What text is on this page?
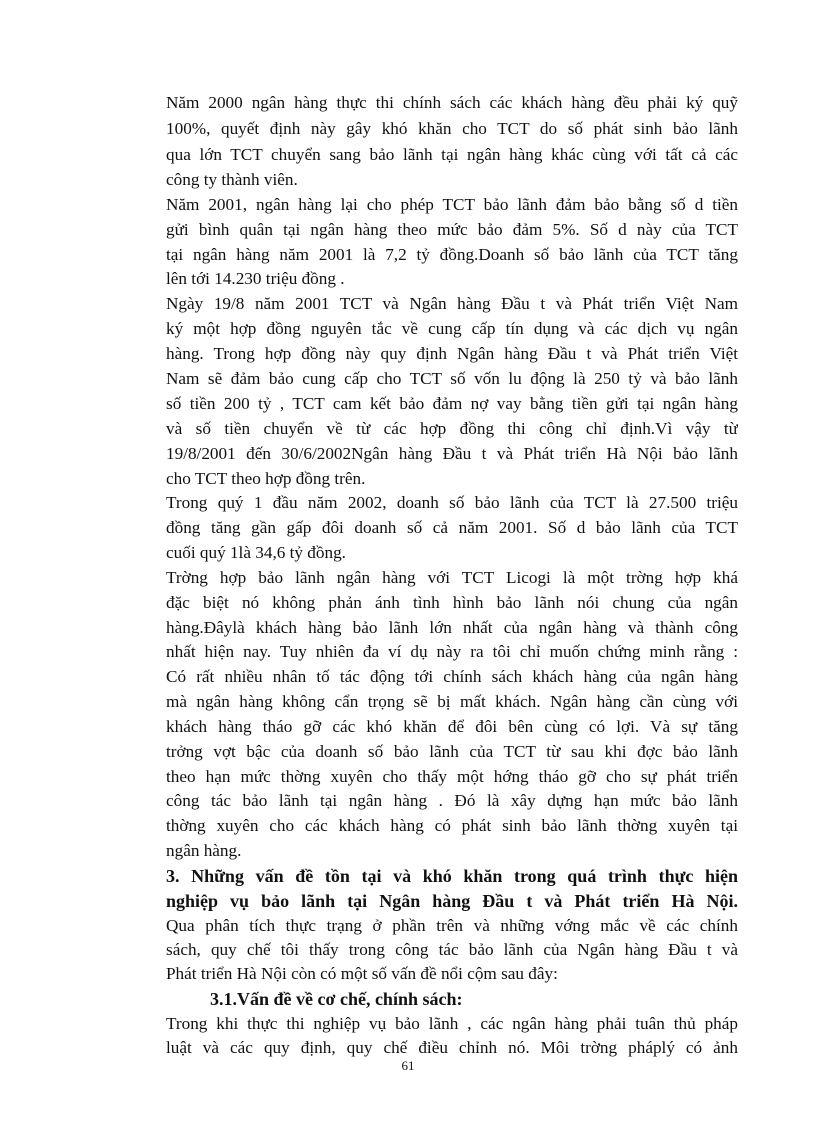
Năm 2000 ngân hàng thực thi chính sách các khách hàng đều phải ký quỹ
100%, quyết định này gây khó khăn cho TCT do số phát sinh bảo lãnh
qua lớn TCT chuyển sang bảo lãnh tại ngân hàng khác cùng với tất cả các
công ty thành viên.
Năm 2001, ngân hàng lại cho phép TCT bảo lãnh đảm bảo bằng số d tiền
gửi bình quân tại ngân hàng theo mức bảo đảm 5%. Số d này của TCT
tại ngân hàng năm 2001 là 7,2 tỷ đồng.Doanh số bảo lãnh của TCT tăng
lên tới 14.230 triệu đồng .
Ngày 19/8 năm 2001 TCT và Ngân hàng Đầu t và Phát triển Việt Nam
ký một hợp đồng nguyên tắc về cung cấp tín dụng và các dịch vụ ngân
hàng. Trong hợp đồng này quy định Ngân hàng Đầu t và Phát triển Việt
Nam sẽ đảm bảo cung cấp cho TCT số vốn lu động là 250 tỷ và bảo lãnh
số tiền 200 tỷ , TCT cam kết bảo đảm nợ vay bằng tiền gửi tại ngân hàng
và số tiền chuyển về từ các hợp đồng thi công chỉ định.Vì vậy từ
19/8/2001 đến 30/6/2002Ngân hàng Đầu t và Phát triển Hà Nội bảo lãnh
cho TCT theo hợp đồng trên.
Trong quý 1 đầu năm 2002, doanh số bảo lãnh của TCT là 27.500 triệu
đồng tăng gần gấp đôi doanh số cả năm 2001. Số d bảo lãnh của TCT
cuối quý 1là 34,6 tỷ đồng.
Trờng hợp bảo lãnh ngân hàng với TCT Licogi là một trờng hợp khá
đặc biệt nó không phản ánh tình hình bảo lãnh nói chung của ngân
hàng.Đâylà khách hàng bảo lãnh lớn nhất của ngân hàng và thành công
nhất hiện nay. Tuy nhiên đa ví dụ này ra tôi chỉ muốn chứng minh rằng :
Có rất nhiều nhân tố tác động tới chính sách khách hàng của ngân hàng
mà ngân hàng không cẩn trọng sẽ bị mất khách. Ngân hàng cần cùng với
khách hàng tháo gỡ các khó khăn để đôi bên cùng có lợi. Và sự tăng
trởng vợt bậc của doanh số bảo lãnh của TCT từ sau khi đợc bảo lãnh
theo hạn mức thờng xuyên cho thấy một hớng tháo gỡ cho sự phát triển
công tác bảo lãnh tại ngân hàng . Đó là xây dựng hạn mức bảo lãnh
thờng xuyên cho các khách hàng có phát sinh bảo lãnh thờng xuyên tại
ngân hàng.
3. Những vấn đề tồn tại và khó khăn trong quá trình thực hiện
nghiệp vụ bảo lãnh tại Ngân hàng Đầu t và Phát triển Hà Nội.
Qua phân tích thực trạng ở phần trên và những vớng mắc về các chính
sách, quy chế tôi thấy trong công tác bảo lãnh của Ngân hàng Đầu t và
Phát triển Hà Nội còn có một số vấn đề nổi cộm sau đây:
3.1.Vấn đề về cơ chế, chính sách:
Trong khi thực thi nghiệp vụ bảo lãnh , các ngân hàng phải tuân thủ pháp
luật và các quy định, quy chế điều chỉnh nó. Môi trờng pháplý có ảnh
61
